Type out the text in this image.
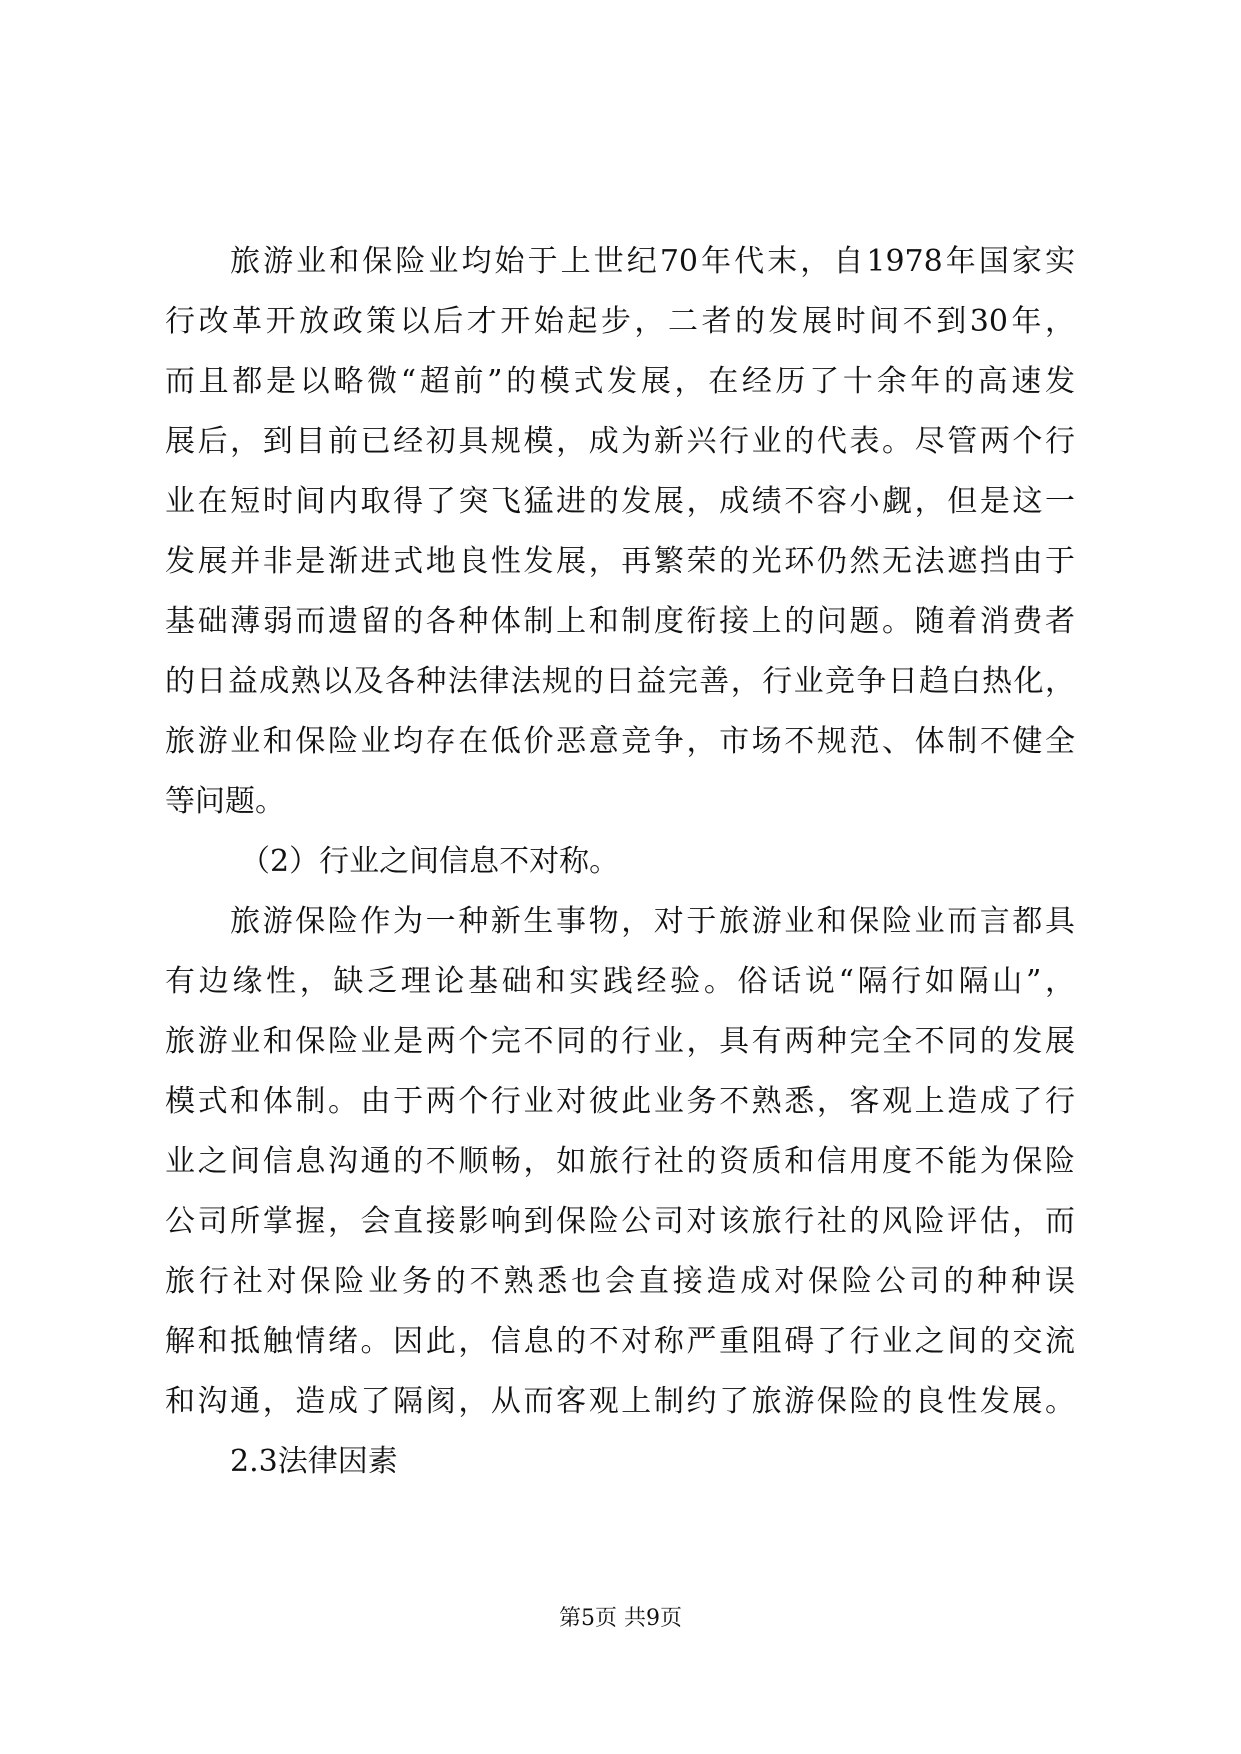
旅游业和保险业均始于上世纪70年代末，自1978年国家实
行改革开放政策以后才开始起步，二者的发展时间不到30年，
而且都是以略微“超前”的模式发展，在经历了十余年的高速发
展后，到目前已经初具规模，成为新兴行业的代表。尽管两个行
业在短时间内取得了突飞猛进的发展，成绩不容小觑，但是这一
发展并非是渐进式地良性发展，再繁荣的光环仍然无法遮挡由于
基础薄弱而遗留的各种体制上和制度衔接上的问题。随着消费者
的日益成熟以及各种法律法规的日益完善，行业竞争日趋白热化，
旅游业和保险业均存在低价恶意竞争，市场不规范、体制不健全
等问题。
（2）行业之间信息不对称。
旅游保险作为一种新生事物，对于旅游业和保险业而言都具
有边缘性，缺乏理论基础和实践经验。俗话说“隔行如隔山”，
旅游业和保险业是两个完不同的行业，具有两种完全不同的发展
模式和体制。由于两个行业对彼此业务不熟悉，客观上造成了行
业之间信息沟通的不顺畅，如旅行社的资质和信用度不能为保险
公司所掌握，会直接影响到保险公司对该旅行社的风险评估，而
旅行社对保险业务的不熟悉也会直接造成对保险公司的种种误
解和抵触情绪。因此，信息的不对称严重阻碍了行业之间的交流
和沟通，造成了隔阂，从而客观上制约了旅游保险的良性发展。
2.3法律因素
第5页 共9页
